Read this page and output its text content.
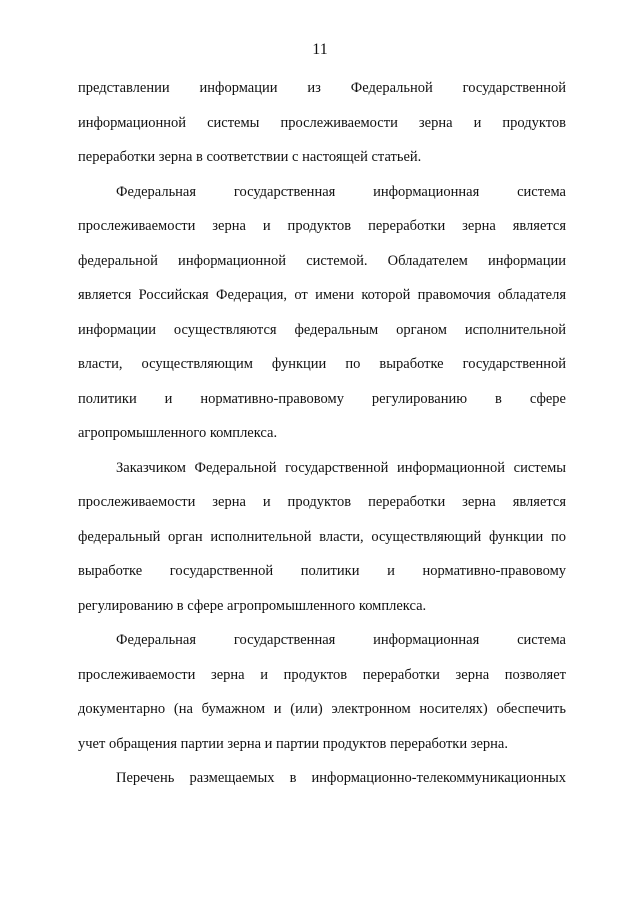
11
представлении информации из Федеральной государственной
информационной системы прослеживаемости зерна и продуктов
переработки зерна в соответствии с настоящей статьей.
Федеральная государственная информационная система
прослеживаемости зерна и продуктов переработки зерна является
федеральной информационной системой. Обладателем информации
является Российская Федерация, от имени которой правомочия обладателя
информации осуществляются федеральным органом исполнительной
власти, осуществляющим функции по выработке государственной
политики и нормативно-правовому регулированию в сфере
агропромышленного комплекса.
Заказчиком Федеральной государственной информационной системы
прослеживаемости зерна и продуктов переработки зерна является
федеральный орган исполнительной власти, осуществляющий функции по
выработке государственной политики и нормативно-правовому
регулированию в сфере агропромышленного комплекса.
Федеральная государственная информационная система
прослеживаемости зерна и продуктов переработки зерна позволяет
документарно (на бумажном и (или) электронном носителях) обеспечить
учет обращения партии зерна и партии продуктов переработки зерна.
Перечень размещаемых в информационно-телекоммуникационных
